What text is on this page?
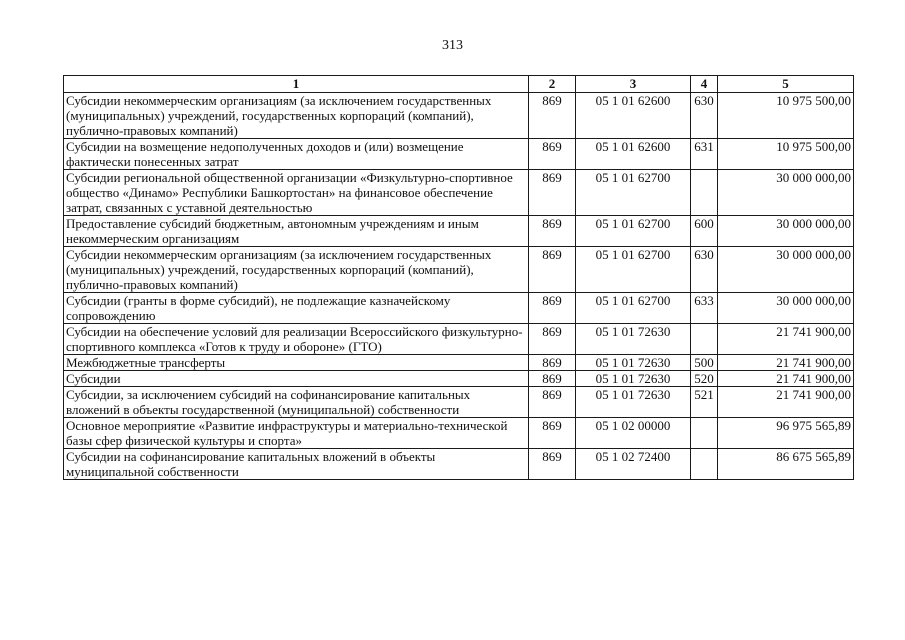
313
1	2	3	4	5
Субсидии некоммерческим организациям (за исключением государственных (муниципальных) учреждений, государственных корпораций (компаний), публично-правовых компаний)	869	05 1 01 62600	630	10 975 500,00
Субсидии на возмещение недополученных доходов и (или) возмещение фактически понесенных затрат	869	05 1 01 62600	631	10 975 500,00
Субсидии региональной общественной организации «Физкультурно-спортивное общество «Динамо» Республики Башкортостан» на финансовое обеспечение затрат, связанных с уставной деятельностью	869	05 1 01 62700		30 000 000,00
Предоставление субсидий бюджетным, автономным учреждениям и иным некоммерческим организациям	869	05 1 01 62700	600	30 000 000,00
Субсидии некоммерческим организациям (за исключением государственных (муниципальных) учреждений, государственных корпораций (компаний), публично-правовых компаний)	869	05 1 01 62700	630	30 000 000,00
Субсидии (гранты в форме субсидий), не подлежащие казначейскому сопровождению	869	05 1 01 62700	633	30 000 000,00
Субсидии на обеспечение условий для реализации Всероссийского физкультурно-спортивного комплекса «Готов к труду и обороне» (ГТО)	869	05 1 01 72630		21 741 900,00
Межбюджетные трансферты	869	05 1 01 72630	500	21 741 900,00
Субсидии	869	05 1 01 72630	520	21 741 900,00
Субсидии, за исключением субсидий на софинансирование капитальных вложений в объекты государственной (муниципальной) собственности	869	05 1 01 72630	521	21 741 900,00
Основное мероприятие «Развитие инфраструктуры и материально-технической базы сфер физической культуры и спорта»	869	05 1 02 00000		96 975 565,89
Субсидии на софинансирование капитальных вложений в объекты муниципальной собственности	869	05 1 02 72400		86 675 565,89
